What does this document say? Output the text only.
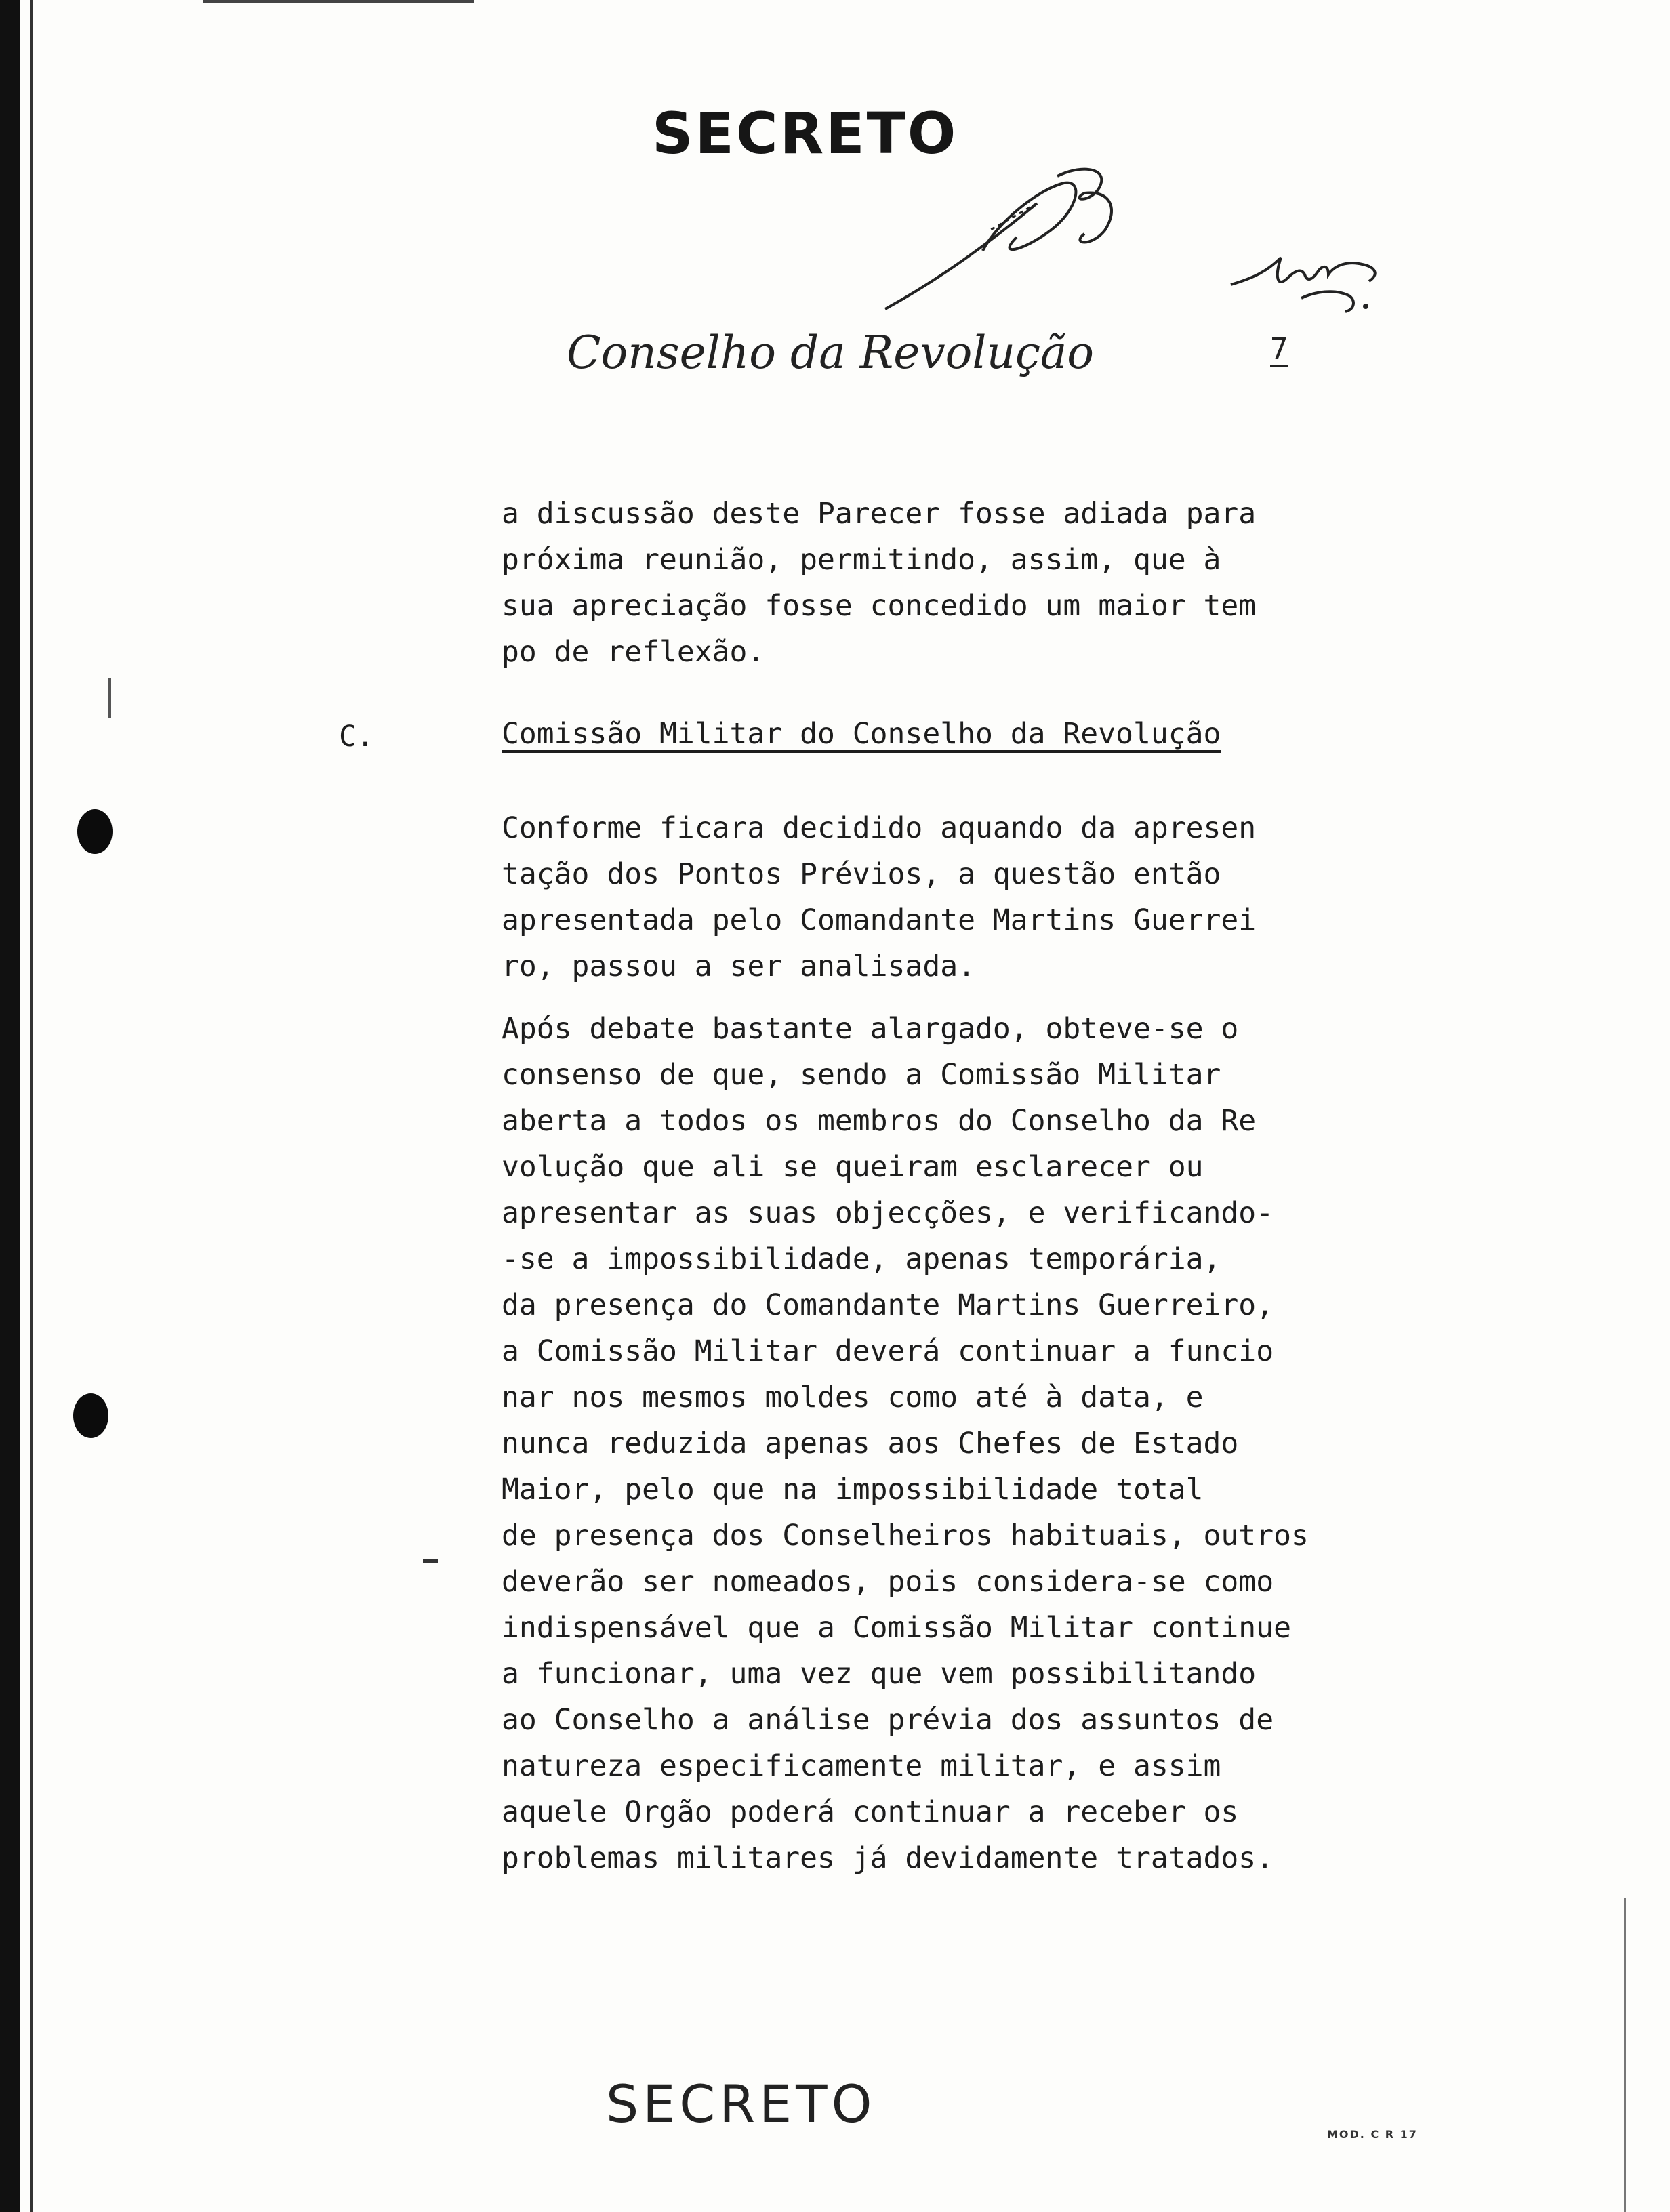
SECRETO
Conselho da Revolução	7
a discussão deste Parecer fosse adiada para
próxima reunião, permitindo, assim, que à
sua apreciação fosse concedido um maior tem
po de reflexão.
C.	Comissão Militar do Conselho da Revolução
Conforme ficara decidido aquando da apresen
tação dos Pontos Prévios, a questão então
apresentada pelo Comandante Martins Guerrei
ro, passou a ser analisada.
Após debate bastante alargado, obteve-se o
consenso de que, sendo a Comissão Militar
aberta a todos os membros do Conselho da Re
volução que ali se queiram esclarecer ou
apresentar as suas objecções, e verificando-
-se a impossibilidade, apenas temporária,
da presença do Comandante Martins Guerreiro,
a Comissão Militar deverá continuar a funcio
nar nos mesmos moldes como até à data, e
nunca reduzida apenas aos Chefes de Estado
Maior, pelo que na impossibilidade total
de presença dos Conselheiros habituais, outros
deverão ser nomeados, pois considera-se como
indispensável que a Comissão Militar continue
a funcionar, uma vez que vem possibilitando
ao Conselho a análise prévia dos assuntos de
natureza especificamente militar, e assim
aquele Orgão poderá continuar a receber os
problemas militares já devidamente tratados.
SECRETO
MOD. C R 17
